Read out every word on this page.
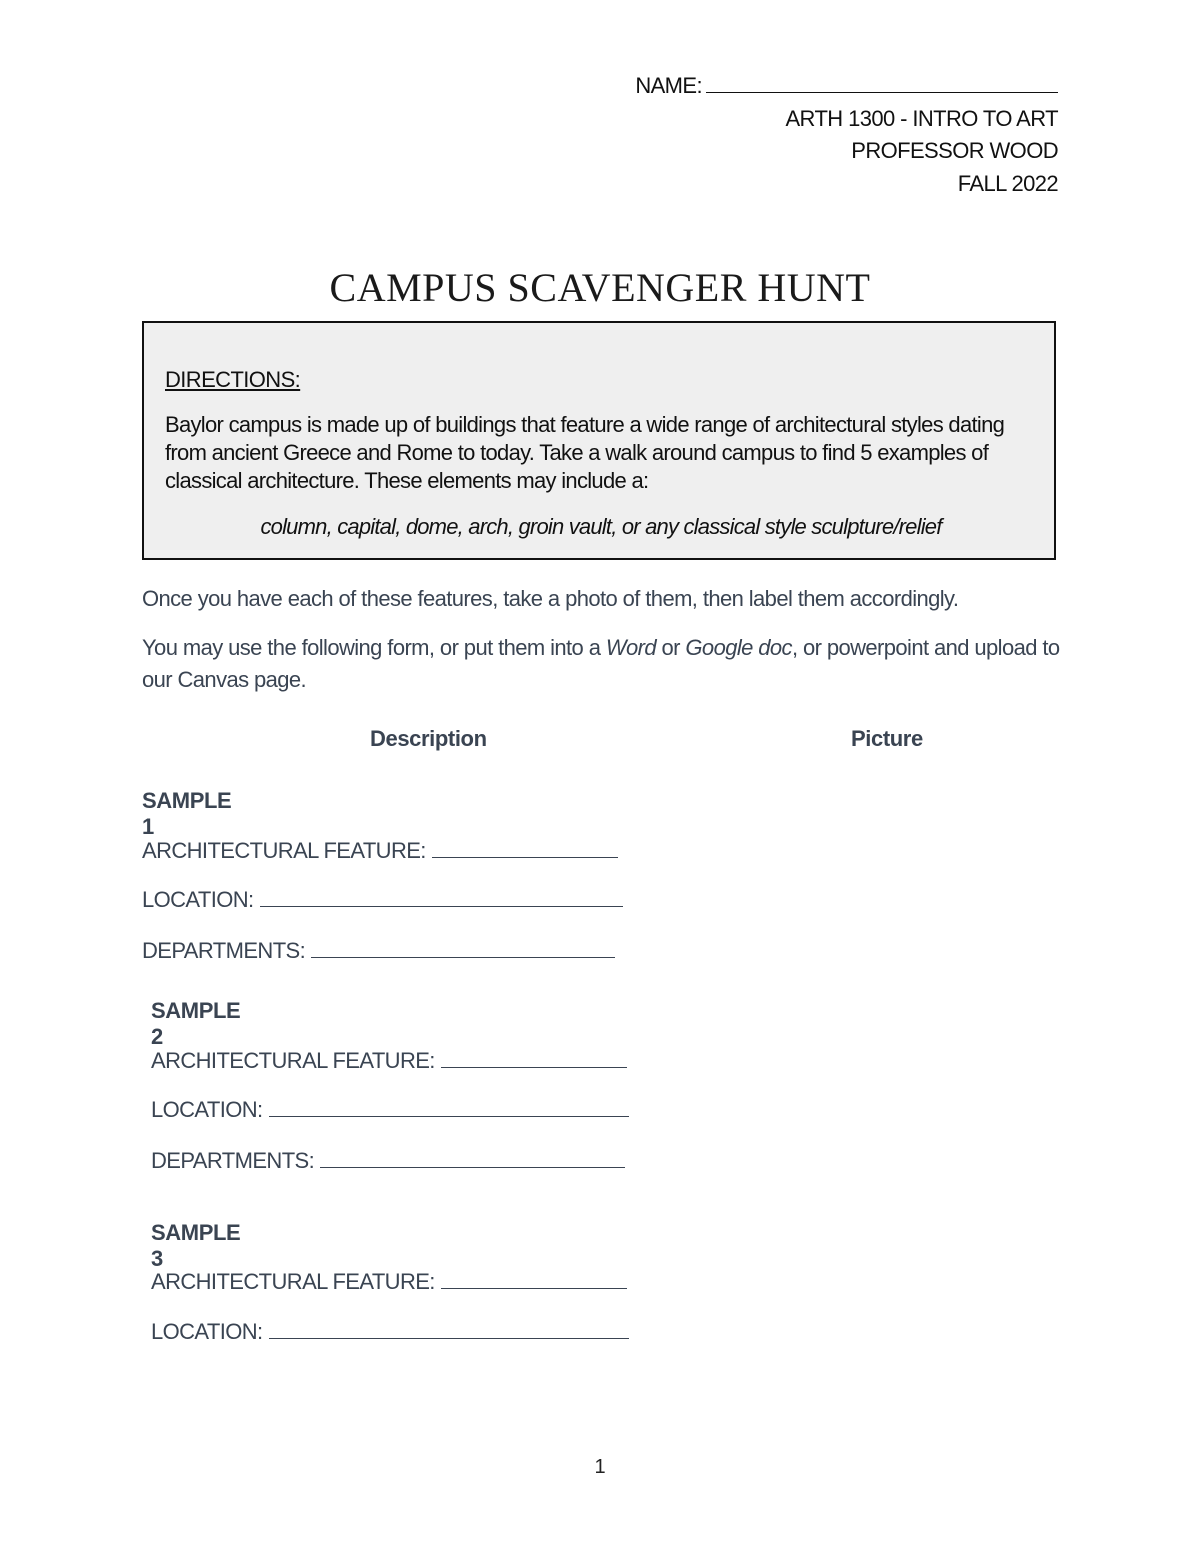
NAME:
ARTH 1300 - INTRO TO ART
PROFESSOR WOOD
FALL 2022
CAMPUS SCAVENGER HUNT
DIRECTIONS:
Baylor campus is made up of buildings that feature a wide range of architectural styles dating from ancient Greece and Rome to today. Take a walk around campus to find 5 examples of classical architecture. These elements may include a:
column, capital, dome, arch, groin vault, or any classical style sculpture/relief
Once you have each of these features, take a photo of them, then label them accordingly.
You may use the following form, or put them into a Word or Google doc, or powerpoint and upload to our Canvas page.
Description	Picture
SAMPLE 1
ARCHITECTURAL FEATURE:
LOCATION:
DEPARTMENTS:
SAMPLE 2
ARCHITECTURAL FEATURE:
LOCATION:
DEPARTMENTS:
SAMPLE 3
ARCHITECTURAL FEATURE:
LOCATION:
1
